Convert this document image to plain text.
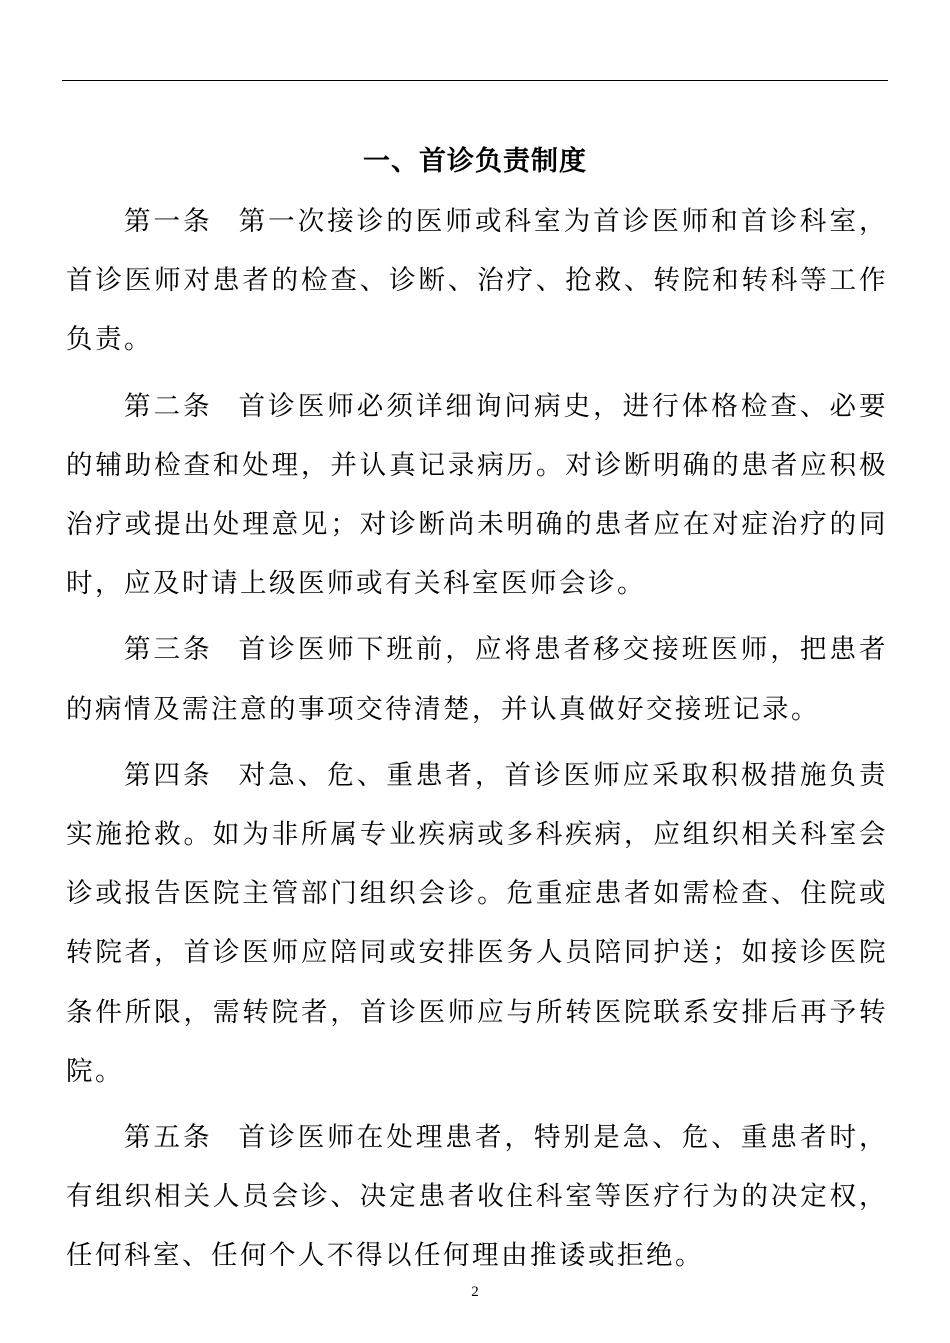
一、首诊负责制度

第一条 第一次接诊的医师或科室为首诊医师和首诊科室，首诊医师对患者的检查、诊断、治疗、抢救、转院和转科等工作负责。

第二条 首诊医师必须详细询问病史，进行体格检查、必要的辅助检查和处理，并认真记录病历。对诊断明确的患者应积极治疗或提出处理意见；对诊断尚未明确的患者应在对症治疗的同时，应及时请上级医师或有关科室医师会诊。

第三条 首诊医师下班前，应将患者移交接班医师，把患者的病情及需注意的事项交待清楚，并认真做好交接班记录。

第四条 对急、危、重患者，首诊医师应采取积极措施负责实施抢救。如为非所属专业疾病或多科疾病，应组织相关科室会诊或报告医院主管部门组织会诊。危重症患者如需检查、住院或转院者，首诊医师应陪同或安排医务人员陪同护送；如接诊医院条件所限，需转院者，首诊医师应与所转医院联系安排后再予转院。

第五条 首诊医师在处理患者，特别是急、危、重患者时，有组织相关人员会诊、决定患者收住科室等医疗行为的决定权，任何科室、任何个人不得以任何理由推诿或拒绝。

2
